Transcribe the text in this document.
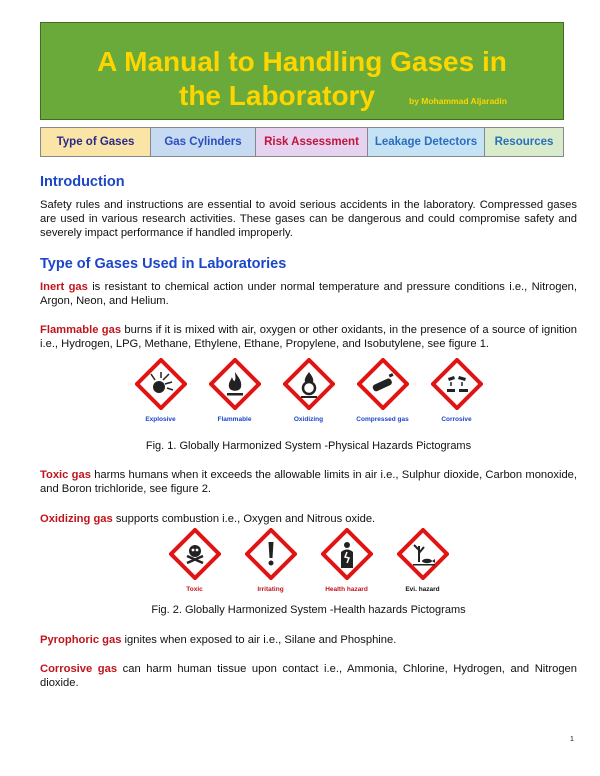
A Manual to Handling Gases in
the Laboratory	by Mohammad Aljaradin
Type of Gases	Gas Cylinders	Risk Assessment	Leakage Detectors	Resources
Introduction

Safety rules and instructions are essential to avoid serious accidents in the laboratory. Compressed gases are used in various research activities. These gases can be dangerous and could compromise safety and severely impact performance if handled improperly.

Type of Gases Used in Laboratories

Inert gas is resistant to chemical action under normal temperature and pressure conditions i.e., Nitrogen, Argon, Neon, and Helium.

Flammable gas burns if it is mixed with air, oxygen or other oxidants, in the presence of a source of ignition i.e., Hydrogen, LPG, Methane, Ethylene, Ethane, Propylene, and Isobutylene, see figure 1.

Explosive	Flammable	Oxidizing	Compressed gas	Corrosive

Fig. 1. Globally Harmonized System -Physical Hazards Pictograms

Toxic gas harms humans when it exceeds the allowable limits in air i.e., Sulphur dioxide, Carbon monoxide, and Boron trichloride, see figure 2.

Oxidizing gas supports combustion i.e., Oxygen and Nitrous oxide.

Toxic	Irritating	Health hazard	Evi. hazard

Fig. 2. Globally Harmonized System -Health hazards Pictograms

Pyrophoric gas ignites when exposed to air i.e., Silane and Phosphine.

Corrosive gas can harm human tissue upon contact i.e., Ammonia, Chlorine, Hydrogen, and Nitrogen dioxide.

1
